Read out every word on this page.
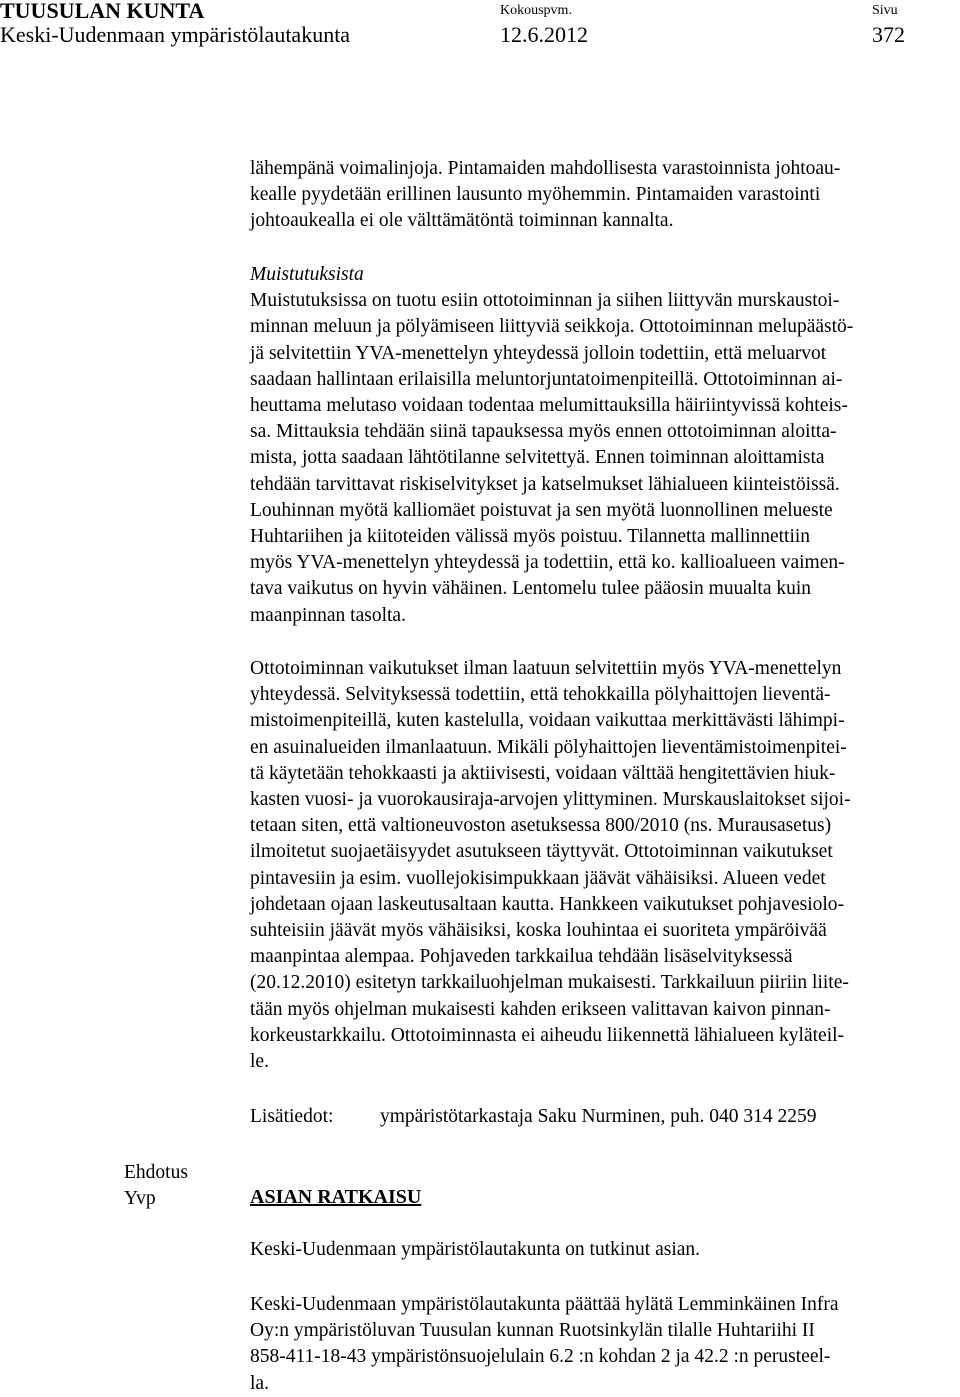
TUUSULAN KUNTA
Keski-Uudenmaan ympäristölautakunta
Kokouspvm.
12.6.2012
Sivu
372
lähempänä voimalinjoja. Pintamaiden mahdollisesta varastoinnista johtoau-
kealle pyydetään erillinen lausunto myöhemmin. Pintamaiden varastointi
johtoaukealla ei ole välttämätöntä toiminnan kannalta.
Muistutuksista
Muistutuksissa on tuotu esiin ottotoiminnan ja siihen liittyvän murskaustoi-
minnan meluun ja pölyämiseen liittyviä seikkoja. Ottotoiminnan melupäästö-
jä selvitettiin YVA-menettelyn yhteydessä jolloin todettiin, että meluarvot
saadaan hallintaan erilaisilla meluntorjuntatoimenpiteillä. Ottotoiminnan ai-
heuttama melutaso voidaan todentaa melumittauksilla häiriintyvissä kohteis-
sa. Mittauksia tehdään siinä tapauksessa myös ennen ottotoiminnan aloitta-
mista, jotta saadaan lähtötilanne selvitettyä. Ennen toiminnan aloittamista
tehdään tarvittavat riskiselvitykset ja katselmukset lähialueen kiinteistöissä.
Louhinnan myötä kalliomäet poistuvat ja sen myötä luonnollinen melueste
Huhtariihen ja kiitoteiden välissä myös poistuu. Tilannetta mallinnettiin
myös YVA-menettelyn yhteydessä ja todettiin, että ko. kallioalueen vaimen-
tava vaikutus on hyvin vähäinen. Lentomelu tulee pääosin muualta kuin
maanpinnan tasolta.
Ottotoiminnan vaikutukset ilman laatuun selvitettiin myös YVA-menettelyn
yhteydessä. Selvityksessä todettiin, että tehokkailla pölyhaittojen lieventä-
mistoimenpiteillä, kuten kastelulla, voidaan vaikuttaa merkittävästi lähimpi-
en asuinalueiden ilmanlaatuun. Mikäli pölyhaittojen lieventämistoimenpitei-
tä käytetään tehokkaasti ja aktiivisesti, voidaan välttää hengitettävien hiuk-
kasten vuosi- ja vuorokausiraja-arvojen ylittyminen. Murskauslaitokset sijoi-
tetaan siten, että valtioneuvoston asetuksessa 800/2010 (ns. Murausasetus)
ilmoitetut suojaetäisyydet asutukseen täyttyvät. Ottotoiminnan vaikutukset
pintavesiin ja esim. vuollejokisimpukkaan jäävät vähäisiksi. Alueen vedet
johdetaan ojaan laskeutusaltaan kautta. Hankkeen vaikutukset pohjavesiolo-
suhteisiin jäävät myös vähäisiksi, koska louhintaa ei suoriteta ympäröivää
maanpintaa alempaa. Pohjaveden tarkkailua tehdään lisäselvityksessä
(20.12.2010) esitetyn tarkkailuohjelman mukaisesti. Tarkkailuun piiriin liite-
tään myös ohjelman mukaisesti kahden erikseen valittavan kaivon pinnan-
korkeustarkkailu. Ottotoiminnasta ei aiheudu liikennettä lähialueen kyläteil-
le.
Lisätiedot: ympäristötarkastaja Saku Nurminen, puh. 040 314 2259
Ehdotus
Yvp	ASIAN RATKAISU
Keski-Uudenmaan ympäristölautakunta on tutkinut asian.
Keski-Uudenmaan ympäristölautakunta päättää hylätä Lemminkäinen Infra
Oy:n ympäristöluvan Tuusulan kunnan Ruotsinkylän tilalle Huhtariihi II
858-411-18-43 ympäristönsuojelulain 6.2 :n kohdan 2 ja 42.2 :n perusteel-
la.
